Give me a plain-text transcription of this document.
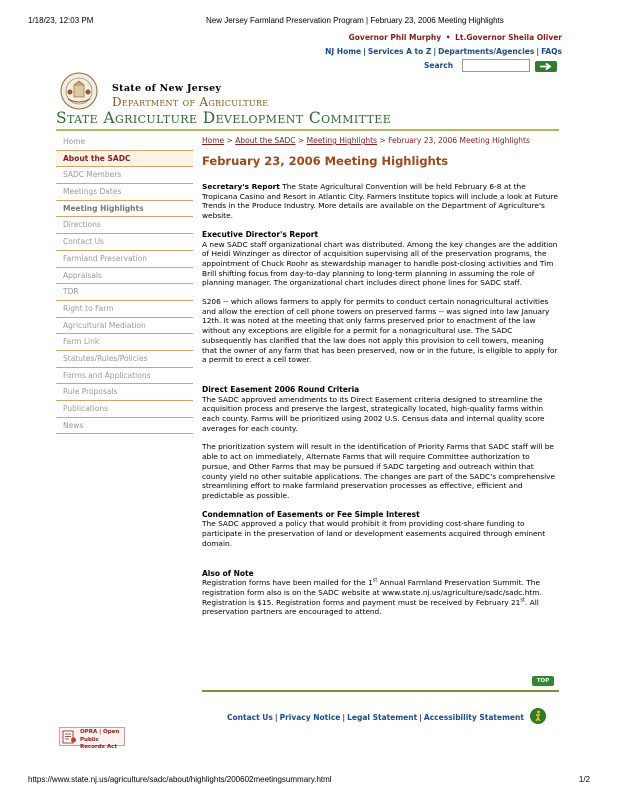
1/18/23, 12:03 PM	New Jersey Farmland Preservation Program | February 23, 2006 Meeting Highlights
Governor Phil Murphy • Lt.Governor Sheila Oliver
NJ Home | Services A to Z | Departments/Agencies | FAQs
Search
State of New Jersey
Department of Agriculture
State Agriculture Development Committee
Home
About the SADC
SADC Members
Meetings Dates
Meeting Highlights
Directions
Contact Us
Farmland Preservation
Appraisals
TDR
Right to Farm
Agricultural Mediation
Farm Link
Statutes/Rules/Policies
Forms and Applications
Rule Proposals
Publications
News
Home > About the SADC > Meeting Highlights > February 23, 2006 Meeting Highlights
February 23, 2006 Meeting Highlights

Secretary's Report The State Agricultural Convention will be held February 6-8 at the Tropicana Casino and Resort in Atlantic City. Farmers Institute topics will include a look at Future Trends in the Produce Industry. More details are available on the Department of Agriculture's website.

Executive Director's Report

A new SADC staff organizational chart was distributed. Among the key changes are the addition of Heidi Winzinger as director of acquisition supervising all of the preservation programs, the appointment of Chuck Roohr as stewardship manager to handle post-closing activities and Tim Brill shifting focus from day-to-day planning to long-term planning in assuming the role of planning manager. The organizational chart includes direct phone lines for SADC staff.

S206 -- which allows farmers to apply for permits to conduct certain nonagricultural activities and allow the erection of cell phone towers on preserved farms -- was signed into law January 12th. It was noted at the meeting that only farms preserved prior to enactment of the law without any exceptions are eligible for a permit for a nonagricultural use. The SADC subsequently has clarified that the law does not apply this provision to cell towers, meaning that the owner of any farm that has been preserved, now or in the future, is eligible to apply for a permit to erect a cell tower.

Direct Easement 2006 Round Criteria

The SADC approved amendments to its Direct Easement criteria designed to streamline the acquisition process and preserve the largest, strategically located, high-quality farms within each county. Farms will be prioritized using 2002 U.S. Census data and internal quality score averages for each county.

The prioritization system will result in the identification of Priority Farms that SADC staff will be able to act on immediately, Alternate Farms that will require Committee authorization to pursue, and Other Farms that may be pursued if SADC targeting and outreach within that county yield no other suitable applications. The changes are part of the SADC's comprehensive streamlining effort to make farmland preservation processes as effective, efficient and predictable as possible.

Condemnation of Easements or Fee Simple Interest

The SADC approved a policy that would prohibit it from providing cost-share funding to participate in the preservation of land or development easements acquired through eminent domain.

Also of Note

Registration forms have been mailed for the 1st Annual Farmland Preservation Summit. The registration form also is on the SADC website at www.state.nj.us/agriculture/sadc/sadc.htm. Registration is $15. Registration forms and payment must be received by February 21st. All preservation partners are encouraged to attend.

TOP
Contact Us | Privacy Notice | Legal Statement | Accessibility Statement
OPRA | Open
Public Records Act
https://www.state.nj.us/agriculture/sadc/about/highlights/200602meetingsummary.html	1/2
